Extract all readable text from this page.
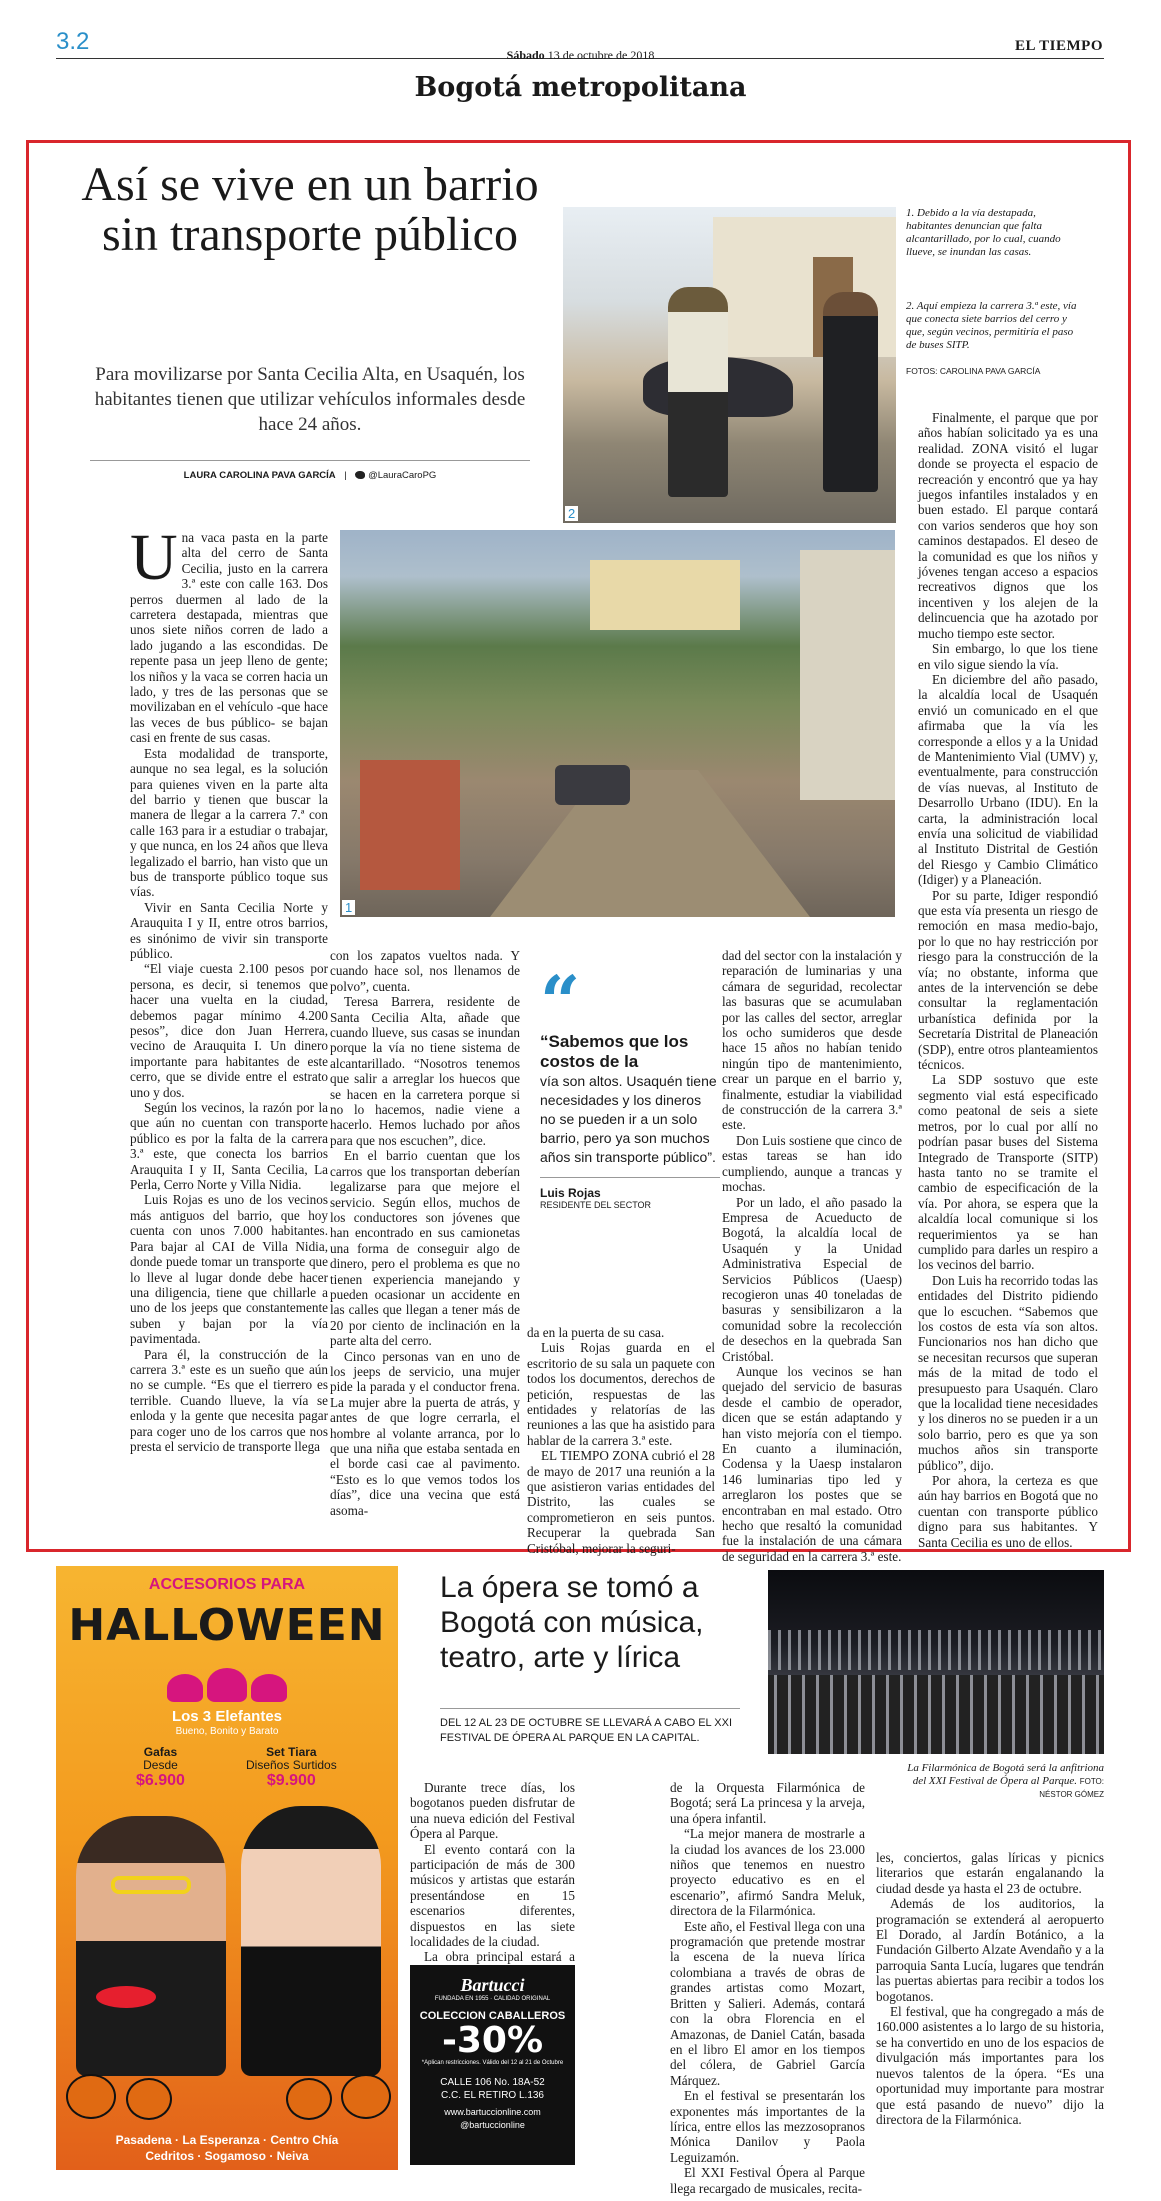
3.2	Sábado 13 de octubre de 2018
EL TIEMPO
Bogotá metropolitana
Así se vive en un barrio sin transporte público
Para movilizarse por Santa Cecilia Alta, en Usaquén, los habitantes tienen que utilizar vehículos informales desde hace 24 años.
LAURA CAROLINA PAVA GARCÍA | @LauraCaroPG
2
1. Debido a la vía destapada, habitantes denuncian que falta alcantarillado, por lo cual, cuando llueve, se inundan las casas.
2. Aquí empieza la carrera 3.ª este, vía que conecta siete barrios del cerro y que, según vecinos, permitiría el paso de buses SITP.
FOTOS: CAROLINA PAVA GARCÍA
1
U na vaca pasta en la parte alta del cerro de Santa Cecilia, justo en la carrera 3.ª este con calle 163. Dos perros duermen al lado de la carretera destapada, mientras que unos siete niños corren de lado a lado jugando a las escondidas. De repente pasa un jeep lleno de gente; los niños y la vaca se corren hacia un lado, y tres de las personas que se movilizaban en el vehículo -que hace las veces de bus público- se bajan casi en frente de sus casas.

Esta modalidad de transporte, aunque no sea legal, es la solución para quienes viven en la parte alta del barrio y tienen que buscar la manera de llegar a la carrera 7.ª con calle 163 para ir a estudiar o trabajar, y que nunca, en los 24 años que lleva legalizado el barrio, han visto que un bus de transporte público toque sus vías.

Vivir en Santa Cecilia Norte y Arauquita I y II, entre otros barrios, es sinónimo de vivir sin transporte público.

“El viaje cuesta 2.100 pesos por persona, es decir, si tenemos que hacer una vuelta en la ciudad, debemos pagar mínimo 4.200 pesos”, dice don Juan Herrera, vecino de Arauquita I. Un dinero importante para habitantes de este cerro, que se divide entre el estrato uno y dos.

Según los vecinos, la razón por la que aún no cuentan con transporte público es por la falta de la carrera 3.ª este, que conecta los barrios Arauquita I y II, Santa Cecilia, La Perla, Cerro Norte y Villa Nidia.

Luis Rojas es uno de los vecinos más antiguos del barrio, que hoy cuenta con unos 7.000 habitantes. Para bajar al CAI de Villa Nidia, donde puede tomar un transporte que lo lleve al lugar donde debe hacer una diligencia, tiene que chillarle a uno de los jeeps que constantemente suben y bajan por la vía pavimentada.

Para él, la construcción de la carrera 3.ª este es un sueño que aún no se cumple. “Es que el tierrero es terrible. Cuando llueve, la vía se enloda y la gente que necesita pagar para coger uno de los carros que nos presta el servicio de transporte llega

con los zapatos vueltos nada. Y cuando hace sol, nos llenamos de polvo”, cuenta.

Teresa Barrera, residente de Santa Cecilia Alta, añade que cuando llueve, sus casas se inundan porque la vía no tiene sistema de alcantarillado. “Nosotros tenemos que salir a arreglar los huecos que se hacen en la carretera porque si no lo hacemos, nadie viene a hacerlo. Hemos luchado por años para que nos escuchen”, dice.

En el barrio cuentan que los carros que los transportan deberían legalizarse para que mejore el servicio. Según ellos, muchos de los conductores son jóvenes que han encontrado en sus camionetas una forma de conseguir algo de dinero, pero el problema es que no tienen experiencia manejando y pueden ocasionar un accidente en las calles que llegan a tener más de 20 por ciento de inclinación en la parte alta del cerro.

Cinco personas van en uno de los jeeps de servicio, una mujer pide la parada y el conductor frena. La mujer abre la puerta de atrás, y antes de que logre cerrarla, el hombre al volante arranca, por lo que una niña que estaba sentada en el borde casi cae al pavimento. “Esto es lo que vemos todos los días”, dice una vecina que está asoma-

“
“Sabemos que los costos de la
vía son altos. Usaquén tiene necesidades y los dineros no se pueden ir a un solo barrio, pero ya son muchos años sin transporte público”.
Luis Rojas
RESIDENTE DEL SECTOR

da en la puerta de su casa.

Luis Rojas guarda en el escritorio de su sala un paquete con todos los documentos, derechos de petición, respuestas de las entidades y relatorías de las reuniones a las que ha asistido para hablar de la carrera 3.ª este.

EL TIEMPO ZONA cubrió el 28 de mayo de 2017 una reunión a la que asistieron varias entidades del Distrito, las cuales se comprometieron en seis puntos. Recuperar la quebrada San Cristóbal, mejorar la seguri-

dad del sector con la instalación y reparación de luminarias y una cámara de seguridad, recolectar las basuras que se acumulaban por las calles del sector, arreglar los ocho sumideros que desde hace 15 años no habían tenido ningún tipo de mantenimiento, crear un parque en el barrio y, finalmente, estudiar la viabilidad de construcción de la carrera 3.ª este.

Don Luis sostiene que cinco de estas tareas se han ido cumpliendo, aunque a trancas y mochas.

Por un lado, el año pasado la Empresa de Acueducto de Bogotá, la alcaldía local de Usaquén y la Unidad Administrativa Especial de Servicios Públicos (Uaesp) recogieron unas 40 toneladas de basuras y sensibilizaron a la comunidad sobre la recolección de desechos en la quebrada San Cristóbal.

Aunque los vecinos se han quejado del servicio de basuras desde el cambio de operador, dicen que se están adaptando y han visto mejoría con el tiempo. En cuanto a iluminación, Codensa y la Uaesp instalaron 146 luminarias tipo led y arreglaron los postes que se encontraban en mal estado. Otro hecho que resaltó la comunidad fue la instalación de una cámara de seguridad en la carrera 3.ª este.

Finalmente, el parque que por años habían solicitado ya es una realidad. ZONA visitó el lugar donde se proyecta el espacio de recreación y encontró que ya hay juegos infantiles instalados y en buen estado. El parque contará con varios senderos que hoy son caminos destapados. El deseo de la comunidad es que los niños y jóvenes tengan acceso a espacios recreativos dignos que los incentiven y los alejen de la delincuencia que ha azotado por mucho tiempo este sector.

Sin embargo, lo que los tiene en vilo sigue siendo la vía.

En diciembre del año pasado, la alcaldía local de Usaquén envió un comunicado en el que afirmaba que la vía les corresponde a ellos y a la Unidad de Mantenimiento Vial (UMV) y, eventualmente, para construcción de vías nuevas, al Instituto de Desarrollo Urbano (IDU). En la carta, la administración local envía una solicitud de viabilidad al Instituto Distrital de Gestión del Riesgo y Cambio Climático (Idiger) y a Planeación.

Por su parte, Idiger respondió que esta vía presenta un riesgo de remoción en masa medio-bajo, por lo que no hay restricción por riesgo para la construcción de la vía; no obstante, informa que antes de la intervención se debe consultar la reglamentación urbanística definida por la Secretaría Distrital de Planeación (SDP), entre otros planteamientos técnicos.

La SDP sostuvo que este segmento vial está especificado como peatonal de seis a siete metros, por lo cual por allí no podrían pasar buses del Sistema Integrado de Transporte (SITP) hasta tanto no se tramite el cambio de especificación de la vía. Por ahora, se espera que la alcaldía local comunique si los requerimientos ya se han cumplido para darles un respiro a los vecinos del barrio.

Don Luis ha recorrido todas las entidades del Distrito pidiendo que lo escuchen. “Sabemos que los costos de esta vía son altos. Funcionarios nos han dicho que se necesitan recursos que superan más de la mitad de todo el presupuesto para Usaquén. Claro que la localidad tiene necesidades y los dineros no se pueden ir a un solo barrio, pero es que ya son muchos años sin transporte público”, dijo.

Por ahora, la certeza es que aún hay barrios en Bogotá que no cuentan con transporte público digno para sus habitantes. Y Santa Cecilia es uno de ellos.

ACCESORIOS PARA
HALLOWEEN
Los 3 Elefantes
Bueno, Bonito y Barato
Gafas
Desde
$6.900
Set Tiara
Diseños Surtidos
$9.900
Pasadena · La Esperanza · Centro Chía
Cedritos · Sogamoso · Neiva
La ópera se tomó a Bogotá con música, teatro, arte y lírica
DEL 12 AL 23 DE OCTUBRE SE LLEVARÁ A CABO EL XXI FESTIVAL DE ÓPERA AL PARQUE EN LA CAPITAL.
La Filarmónica de Bogotá será la anfitriona del XXI Festival de Ópera al Parque. FOTO: NÉSTOR GÓMEZ

Durante trece días, los bogotanos pueden disfrutar de una nueva edición del Festival Ópera al Parque.

El evento contará con la participación de más de 300 músicos y artistas que estarán presentándose en 15 escenarios diferentes, dispuestos en las siete localidades de la ciudad.

La obra principal estará a

de la Orquesta Filarmónica de Bogotá; será La princesa y la arveja, una ópera infantil.

“La mejor manera de mostrarle a la ciudad los avances de los 23.000 niños que tenemos en nuestro proyecto educativo es en el escenario”, afirmó Sandra Meluk, directora de la Filarmónica.

Este año, el Festival llega con una programación que pretende mostrar la escena de la nueva lírica colombiana a través de obras de grandes artistas como Mozart, Britten y Salieri. Además, contará con la obra Florencia en el Amazonas, de Daniel Catán, basada en el libro El amor en los tiempos del cólera, de Gabriel García Márquez.

En el festival se presentarán los exponentes más importantes de la lírica, entre ellos las mezzosopranos Mónica Danilov y Paola Leguizamón.

El XXI Festival Ópera al Parque llega recargado de musicales, recita-

les, conciertos, galas líricas y picnics literarios que estarán engalanando la ciudad desde ya hasta el 23 de octubre.

Además de los auditorios, la programación se extenderá al aeropuerto El Dorado, al Jardín Botánico, a la Fundación Gilberto Alzate Avendaño y a la parroquia Santa Lucía, lugares que tendrán las puertas abiertas para recibir a todos los bogotanos.

El festival, que ha congregado a más de 160.000 asistentes a lo largo de su historia, se ha convertido en uno de los espacios de divulgación más importantes para los nuevos talentos de la ópera. “Es una oportunidad muy importante para mostrar que está pasando de nuevo” dijo la directora de la Filarmónica.

Bartucci
FUNDADA EN 1955 · CALIDAD ORIGINAL
COLECCION CABALLEROS
-30%
*Aplican restricciones. Válido del 12 al 21 de Octubre
CALLE 106 No. 18A-52
C.C. EL RETIRO L.136
www.bartuccionline.com
@bartuccionline
